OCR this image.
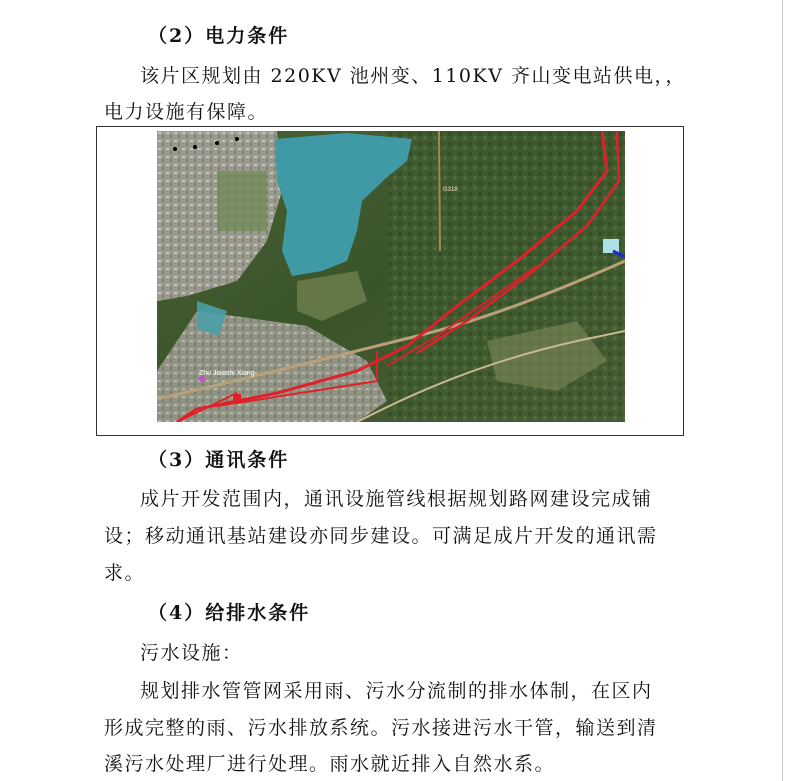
（2）电力条件
该片区规划由 220KV 池州变、110KV 齐山变电站供电，，
电力设施有保障。
Zhu Jiaoshi Xiang
G318
（3）通讯条件
成片开发范围内，通讯设施管线根据规划路网建设完成铺
设；移动通讯基站建设亦同步建设。可满足成片开发的通讯需
求。
（4）给排水条件
污水设施：
规划排水管管网采用雨、污水分流制的排水体制，在区内
形成完整的雨、污水排放系统。污水接进污水干管，输送到清
溪污水处理厂进行处理。雨水就近排入自然水系。
